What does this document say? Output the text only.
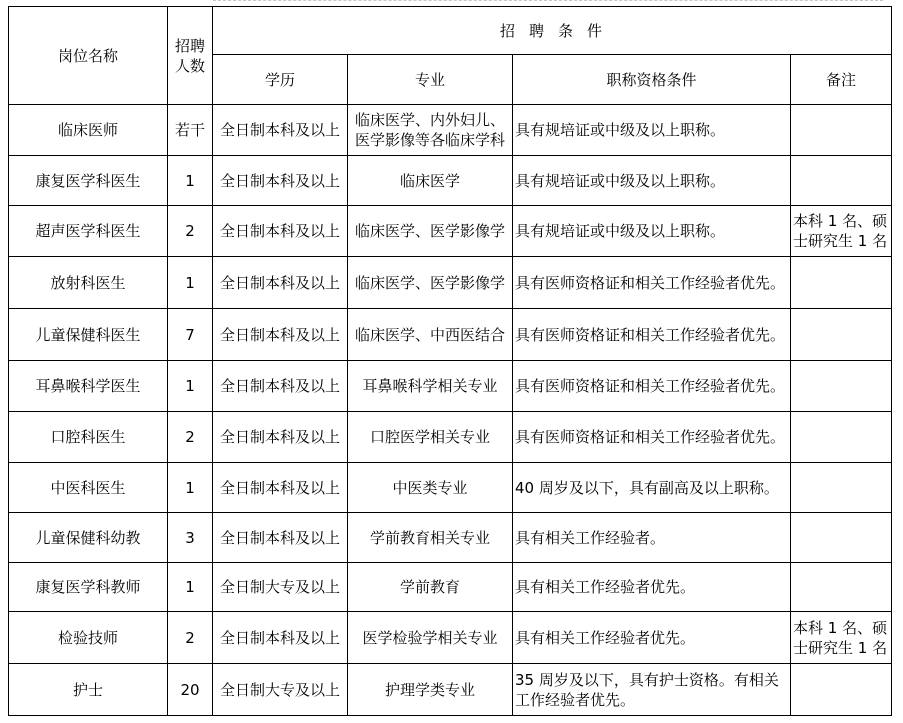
岗位名称	招聘人数	招聘条件			
		学历	专业	职称资格条件	备注
临床医师	若干	全日制本科及以上	临床医学、内外妇儿、医学影像等各临床学科	具有规培证或中级及以上职称。	
康复医学科医生	1	全日制本科及以上	临床医学	具有规培证或中级及以上职称。	
超声医学科医生	2	全日制本科及以上	临床医学、医学影像学	具有规培证或中级及以上职称。	本科 1 名、硕士研究生 1 名
放射科医生	1	全日制本科及以上	临床医学、医学影像学	具有医师资格证和相关工作经验者优先。	
儿童保健科医生	7	全日制本科及以上	临床医学、中西医结合	具有医师资格证和相关工作经验者优先。	
耳鼻喉科学医生	1	全日制本科及以上	耳鼻喉科学相关专业	具有医师资格证和相关工作经验者优先。	
口腔科医生	2	全日制本科及以上	口腔医学相关专业	具有医师资格证和相关工作经验者优先。	
中医科医生	1	全日制本科及以上	中医类专业	40 周岁及以下，具有副高及以上职称。	
儿童保健科幼教	3	全日制本科及以上	学前教育相关专业	具有相关工作经验者。	
康复医学科教师	1	全日制大专及以上	学前教育	具有相关工作经验者优先。	
检验技师	2	全日制本科及以上	医学检验学相关专业	具有相关工作经验者优先。	本科 1 名、硕士研究生 1 名
护士	20	全日制大专及以上	护理学类专业	35 周岁及以下，具有护士资格。有相关工作经验者优先。	
